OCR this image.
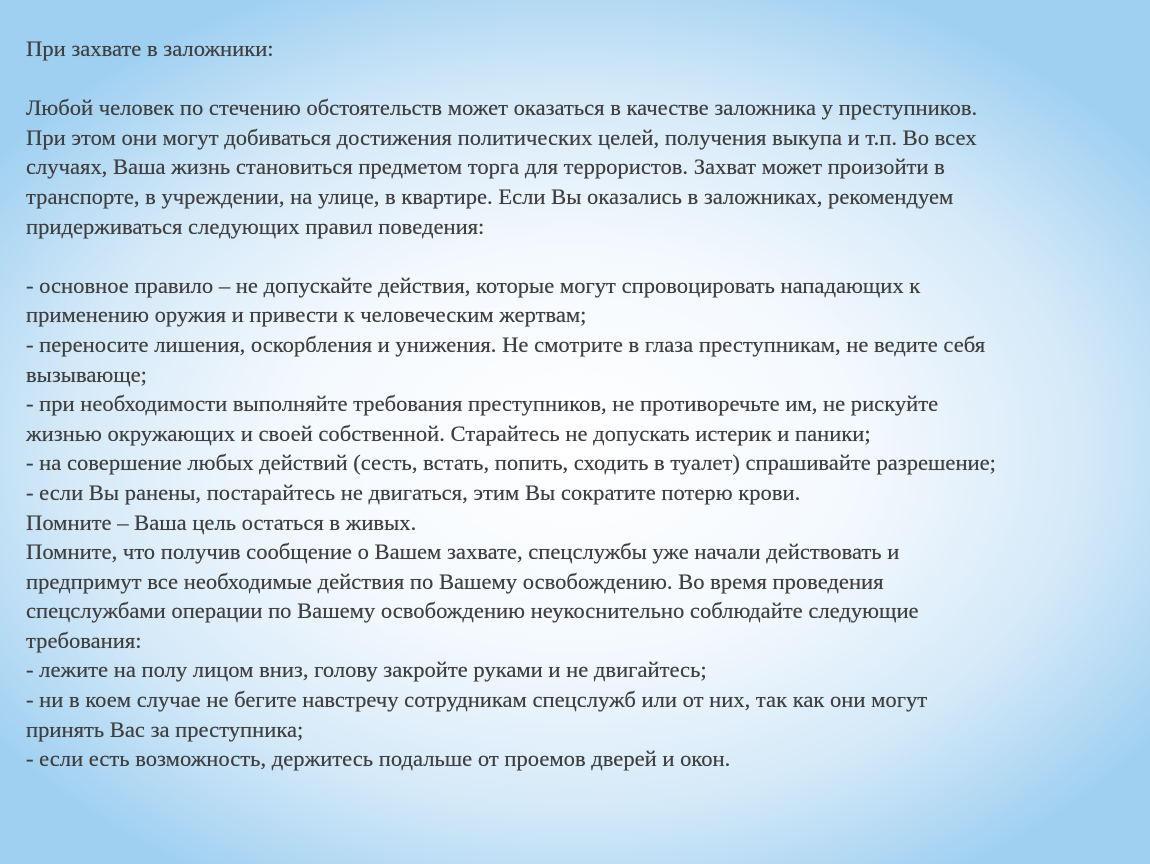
При захвате в заложники:
Любой человек по стечению обстоятельств может оказаться в качестве заложника у преступников.
При этом они могут добиваться достижения политических целей, получения выкупа и т.п. Во всех
случаях, Ваша жизнь становиться предметом торга для террористов. Захват может произойти в
транспорте, в учреждении, на улице, в квартире. Если Вы оказались в заложниках, рекомендуем
придерживаться следующих правил поведения:
- основное правило – не допускайте действия, которые могут спровоцировать нападающих к
применению оружия и привести к человеческим жертвам;
- переносите лишения, оскорбления и унижения. Не смотрите в глаза преступникам, не ведите себя
вызывающе;
- при необходимости выполняйте требования преступников, не противоречьте им, не рискуйте
жизнью окружающих и своей собственной. Старайтесь не допускать истерик и паники;
- на совершение любых действий (сесть, встать, попить, сходить в туалет) спрашивайте разрешение;
- если Вы ранены, постарайтесь не двигаться, этим Вы сократите потерю крови.
Помните – Ваша цель остаться в живых.
Помните, что получив сообщение о Вашем захвате, спецслужбы уже начали действовать и
предпримут все необходимые действия по Вашему освобождению. Во время проведения
спецслужбами операции по Вашему освобождению неукоснительно соблюдайте следующие
требования:
- лежите на полу лицом вниз, голову закройте руками и не двигайтесь;
- ни в коем случае не бегите навстречу сотрудникам спецслужб или от них, так как они могут
принять Вас за преступника;
- если есть возможность, держитесь подальше от проемов дверей и окон.
